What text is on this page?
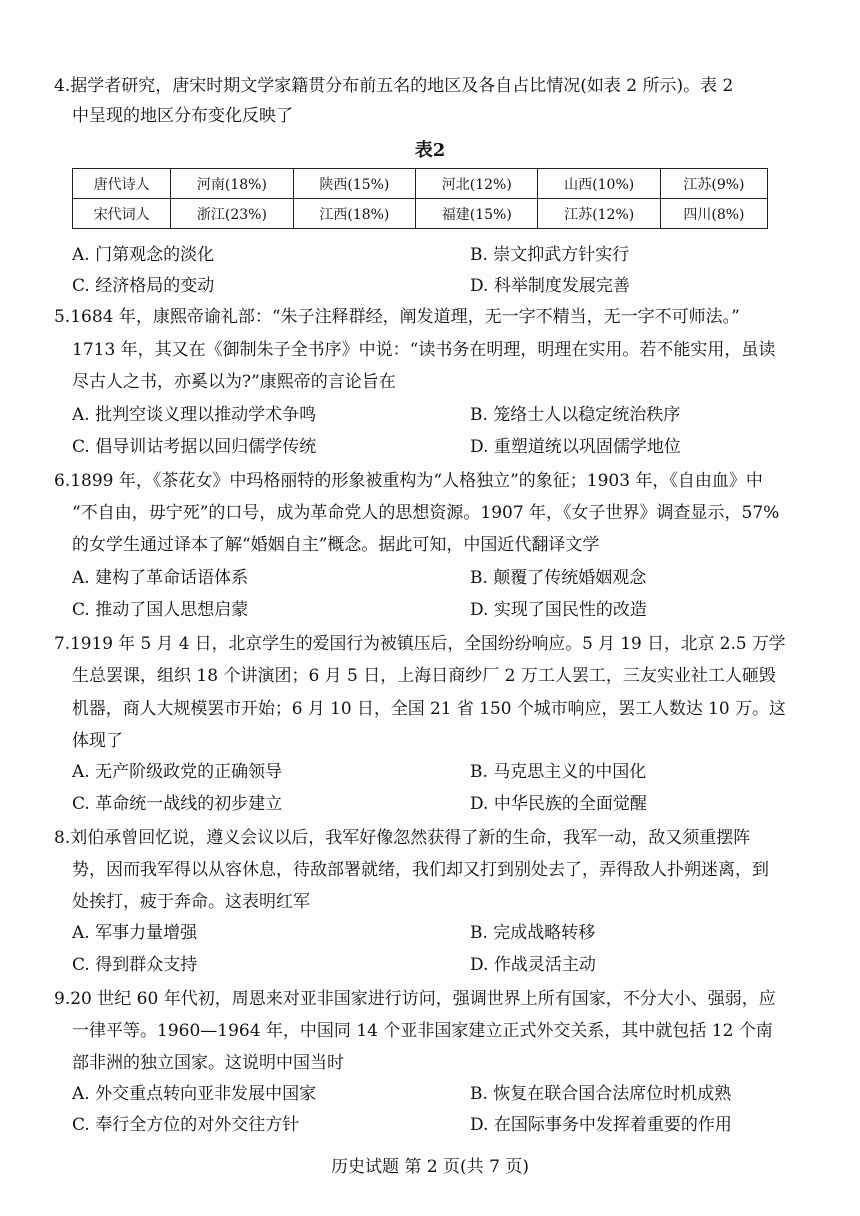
4.据学者研究，唐宋时期文学家籍贯分布前五名的地区及各自占比情况(如表 2 所示)。表 2
中呈现的地区分布变化反映了
表2
唐代诗人	河南(18%)	陕西(15%)	河北(12%)	山西(10%)	江苏(9%)
宋代词人	浙江(23%)	江西(18%)	福建(15%)	江苏(12%)	四川(8%)
A. 门第观念的淡化	B. 崇文抑武方针实行
C. 经济格局的变动	D. 科举制度发展完善
5.1684 年，康熙帝谕礼部：“朱子注释群经，阐发道理，无一字不精当，无一字不可师法。”
1713 年，其又在《御制朱子全书序》中说：“读书务在明理，明理在实用。若不能实用，虽读
尽古人之书，亦奚以为?”康熙帝的言论旨在
A. 批判空谈义理以推动学术争鸣	B. 笼络士人以稳定统治秩序
C. 倡导训诂考据以回归儒学传统	D. 重塑道统以巩固儒学地位
6.1899 年，《茶花女》中玛格丽特的形象被重构为“人格独立”的象征；1903 年，《自由血》中
“不自由，毋宁死”的口号，成为革命党人的思想资源。1907 年，《女子世界》调查显示，57%
的女学生通过译本了解“婚姻自主”概念。据此可知，中国近代翻译文学
A. 建构了革命话语体系	B. 颠覆了传统婚姻观念
C. 推动了国人思想启蒙	D. 实现了国民性的改造
7.1919 年 5 月 4 日，北京学生的爱国行为被镇压后，全国纷纷响应。5 月 19 日，北京 2.5 万学
生总罢课，组织 18 个讲演团；6 月 5 日，上海日商纱厂 2 万工人罢工，三友实业社工人砸毁
机器，商人大规模罢市开始；6 月 10 日，全国 21 省 150 个城市响应，罢工人数达 10 万。这
体现了
A. 无产阶级政党的正确领导	B. 马克思主义的中国化
C. 革命统一战线的初步建立	D. 中华民族的全面觉醒
8.刘伯承曾回忆说，遵义会议以后，我军好像忽然获得了新的生命，我军一动，敌又须重摆阵
势，因而我军得以从容休息，待敌部署就绪，我们却又打到别处去了，弄得敌人扑朔迷离，到
处挨打，疲于奔命。这表明红军
A. 军事力量增强	B. 完成战略转移
C. 得到群众支持	D. 作战灵活主动
9.20 世纪 60 年代初，周恩来对亚非国家进行访问，强调世界上所有国家，不分大小、强弱，应
一律平等。1960—1964 年，中国同 14 个亚非国家建立正式外交关系，其中就包括 12 个南
部非洲的独立国家。这说明中国当时
A. 外交重点转向亚非发展中国家	B. 恢复在联合国合法席位时机成熟
C. 奉行全方位的对外交往方针	D. 在国际事务中发挥着重要的作用
历史试题 第 2 页(共 7 页)
